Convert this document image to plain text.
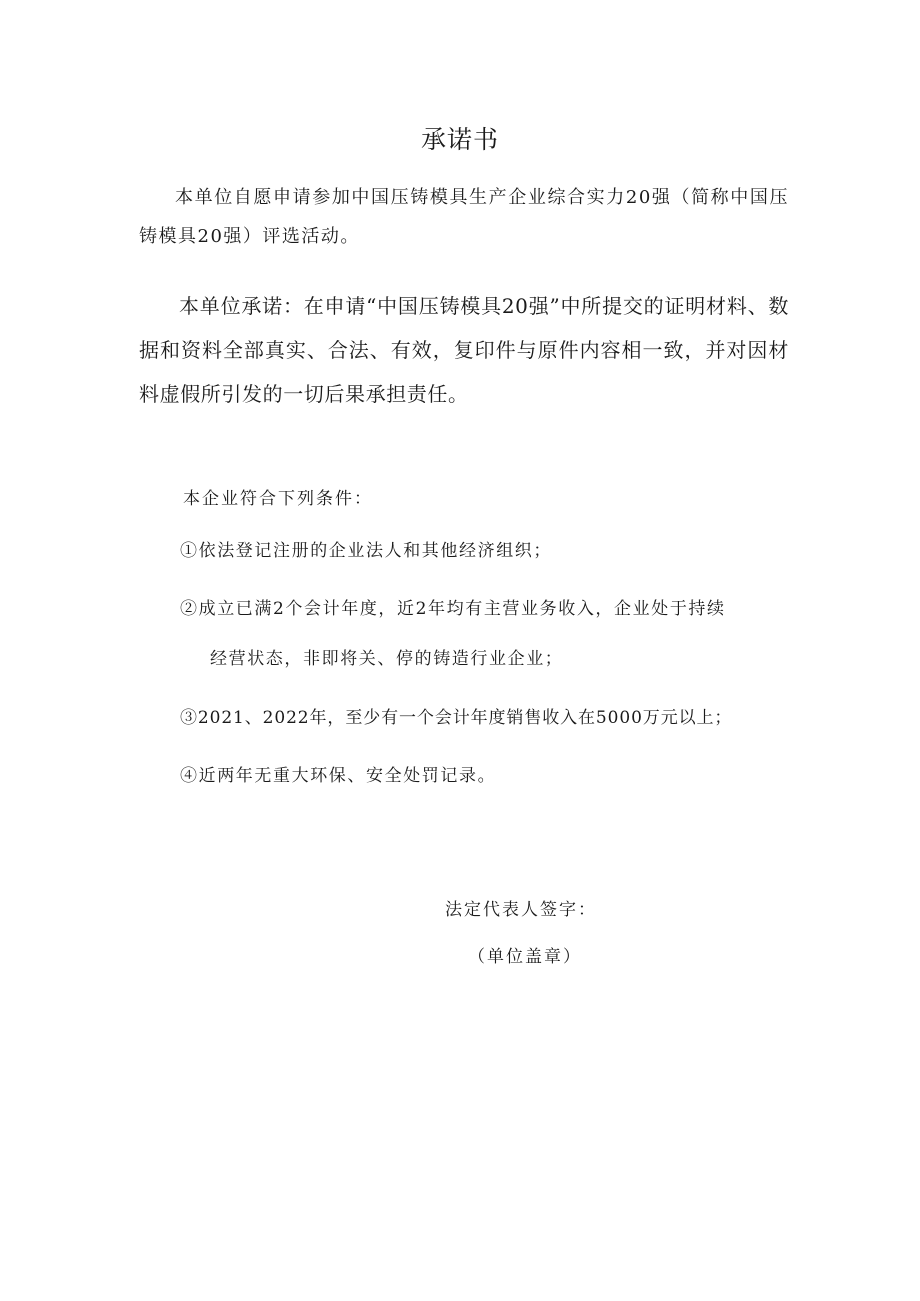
承诺书

本单位自愿申请参加中国压铸模具生产企业综合实力20强（简称中国压铸模具20强）评选活动。

本单位承诺：在申请“中国压铸模具20强”中所提交的证明材料、数据和资料全部真实、合法、有效，复印件与原件内容相一致，并对因材料虚假所引发的一切后果承担责任。

本企业符合下列条件：

①依法登记注册的企业法人和其他经济组织；

②成立已满2个会计年度，近2年均有主营业务收入，企业处于持续

经营状态，非即将关、停的铸造行业企业；

③2021、2022年，至少有一个会计年度销售收入在5000万元以上；

④近两年无重大环保、安全处罚记录。

法定代表人签字：

（单位盖章）
